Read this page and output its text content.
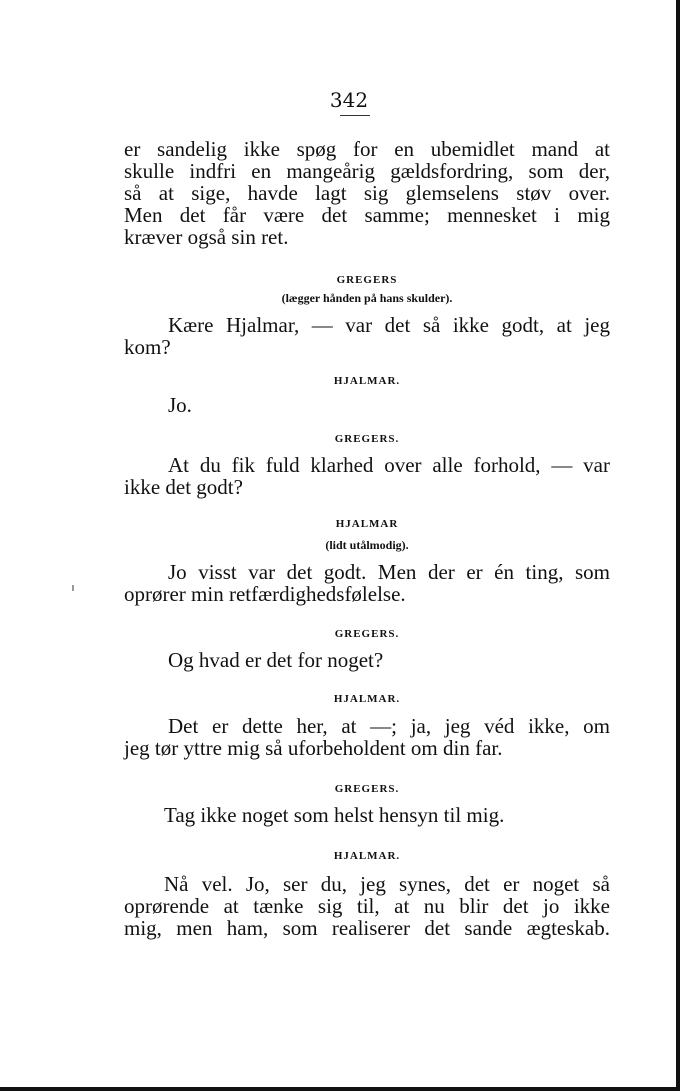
342
er sandelig ikke spøg for en ubemidlet mand at
skulle indfri en mangeårig gældsfordring, som der,
så at sige, havde lagt sig glemselens støv over.
Men det får være det samme; mennesket i mig
kræver også sin ret.
GREGERS
(lægger hånden på hans skulder).
Kære Hjalmar, — var det så ikke godt, at jeg
kom?
HJALMAR.
Jo.
GREGERS.
At du fik fuld klarhed over alle forhold, — var
ikke det godt?
HJALMAR
(lidt utålmodig).
Jo visst var det godt. Men der er én ting, som
oprører min retfærdighedsfølelse.
GREGERS.
Og hvad er det for noget?
HJALMAR.
Det er dette her, at —; ja, jeg véd ikke, om
jeg tør yttre mig så uforbeholdent om din far.
GREGERS.
Tag ikke noget som helst hensyn til mig.
HJALMAR.
Nå vel. Jo, ser du, jeg synes, det er noget så
oprørende at tænke sig til, at nu blir det jo ikke
mig, men ham, som realiserer det sande ægteskab.
